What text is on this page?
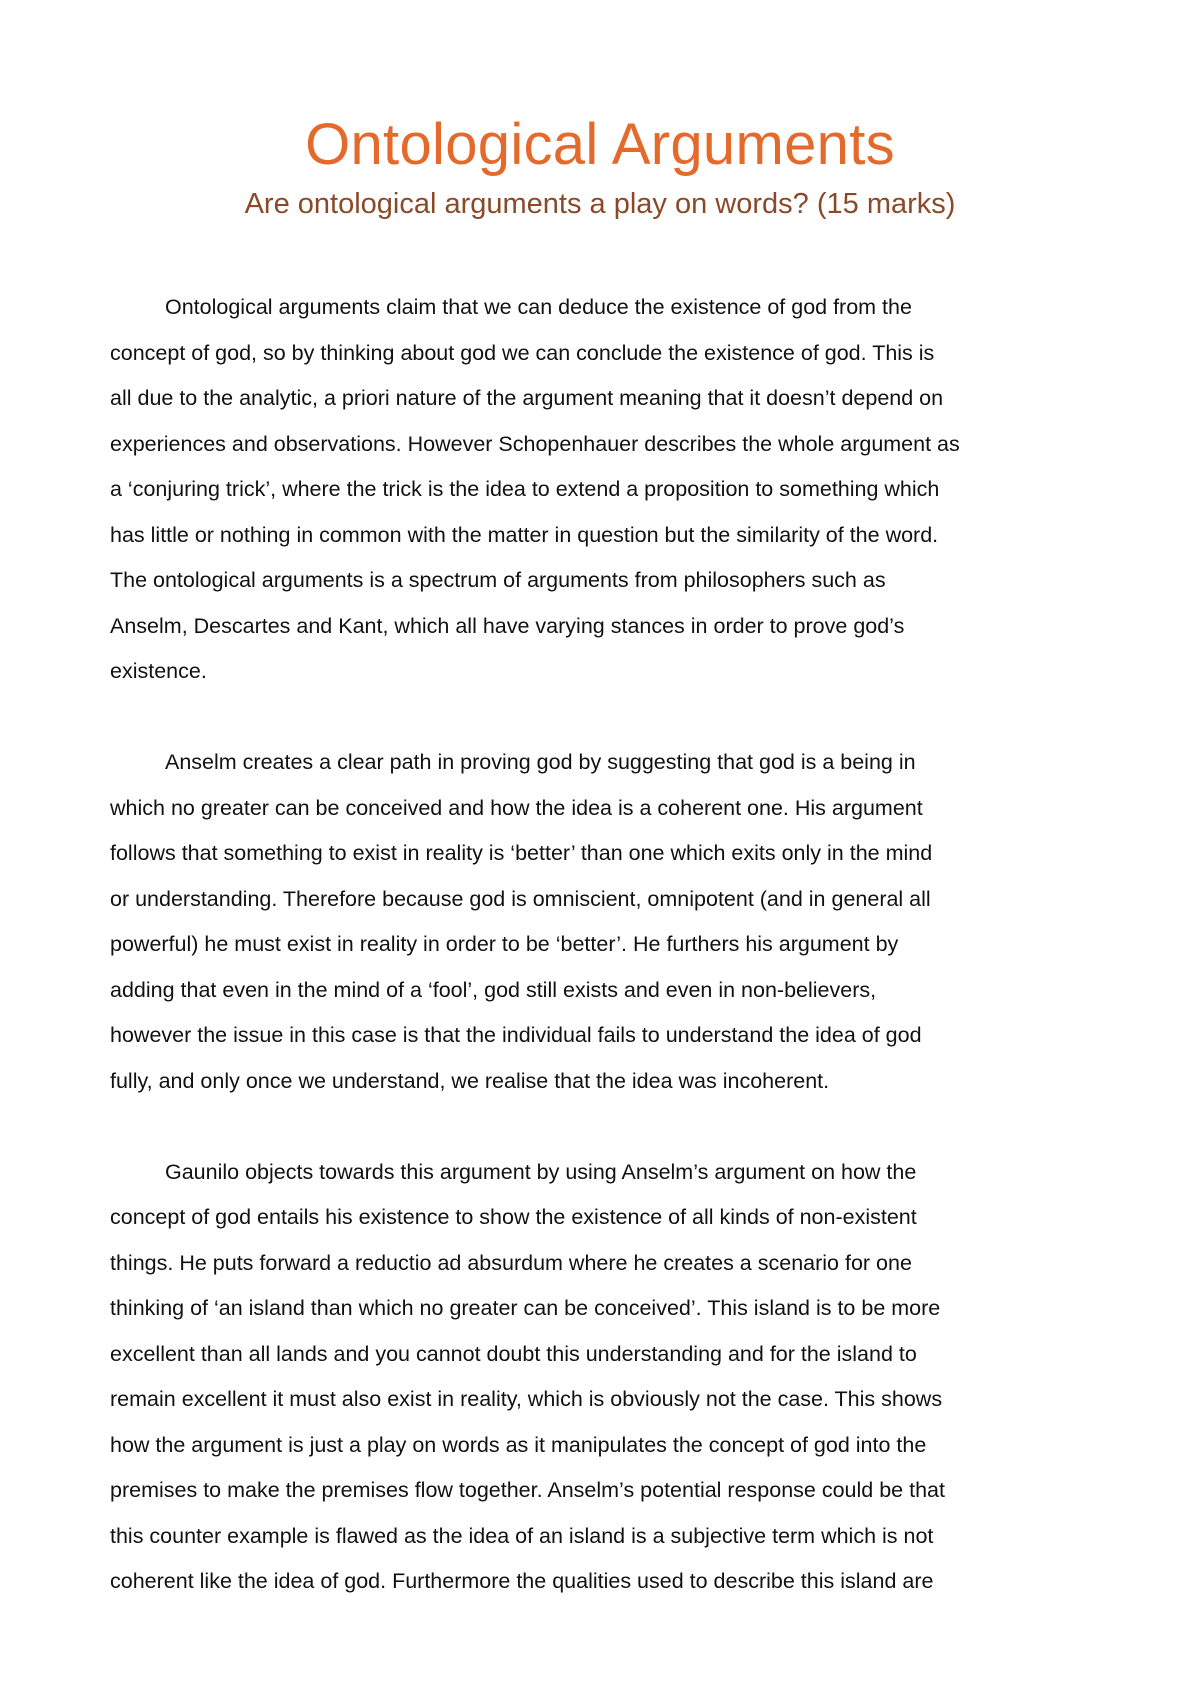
Ontological Arguments
Are ontological arguments a play on words? (15 marks)
Ontological arguments claim that we can deduce the existence of god from the
concept of god, so by thinking about god we can conclude the existence of god. This is
all due to the analytic, a priori nature of the argument meaning that it doesn’t depend on
experiences and observations. However Schopenhauer describes the whole argument as
a ‘conjuring trick’, where the trick is the idea to extend a proposition to something which
has little or nothing in common with the matter in question but the similarity of the word.
The ontological arguments is a spectrum of arguments from philosophers such as
Anselm, Descartes and Kant, which all have varying stances in order to prove god’s
existence.
Anselm creates a clear path in proving god by suggesting that god is a being in
which no greater can be conceived and how the idea is a coherent one. His argument
follows that something to exist in reality is ‘better’ than one which exits only in the mind
or understanding. Therefore because god is omniscient, omnipotent (and in general all
powerful) he must exist in reality in order to be ‘better’. He furthers his argument by
adding that even in the mind of a ‘fool’, god still exists and even in non-believers,
however the issue in this case is that the individual fails to understand the idea of god
fully, and only once we understand, we realise that the idea was incoherent.
Gaunilo objects towards this argument by using Anselm’s argument on how the
concept of god entails his existence to show the existence of all kinds of non-existent
things. He puts forward a reductio ad absurdum where he creates a scenario for one
thinking of ‘an island than which no greater can be conceived’. This island is to be more
excellent than all lands and you cannot doubt this understanding and for the island to
remain excellent it must also exist in reality, which is obviously not the case. This shows
how the argument is just a play on words as it manipulates the concept of god into the
premises to make the premises flow together. Anselm’s potential response could be that
this counter example is flawed as the idea of an island is a subjective term which is not
coherent like the idea of god. Furthermore the qualities used to describe this island are
